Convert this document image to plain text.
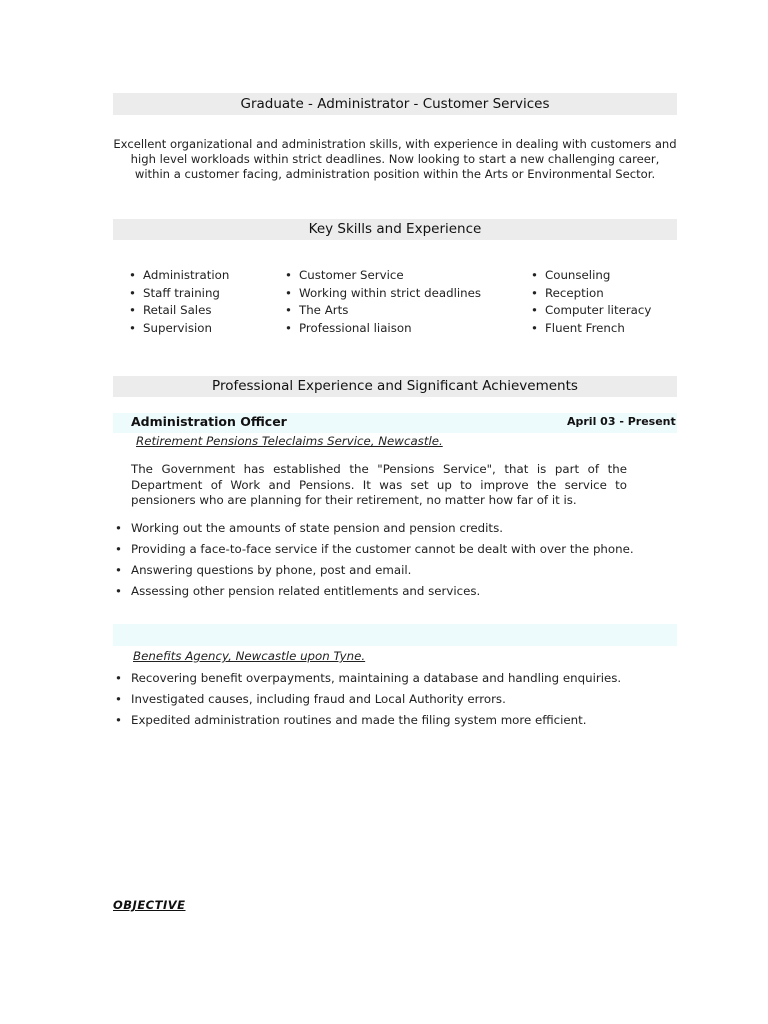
Graduate - Administrator - Customer Services
Excellent organizational and administration skills, with experience in dealing with customers and high level workloads within strict deadlines. Now looking to start a new challenging career, within a customer facing, administration position within the Arts or Environmental Sector.
Key Skills and Experience
• Administration
• Staff training
• Retail Sales
• Supervision
• Customer Service
• Working within strict deadlines
• The Arts
• Professional liaison
• Counseling
• Reception
• Computer literacy
• Fluent French
Professional Experience and Significant Achievements
Administration Officer	April 03 - Present
Retirement Pensions Teleclaims Service, Newcastle.
The Government has established the "Pensions Service", that is part of the Department of Work and Pensions. It was set up to improve the service to pensioners who are planning for their retirement, no matter how far of it is.
• Working out the amounts of state pension and pension credits.
• Providing a face-to-face service if the customer cannot be dealt with over the phone.
• Answering questions by phone, post and email.
• Assessing other pension related entitlements and services.
Benefits Agency, Newcastle upon Tyne.
• Recovering benefit overpayments, maintaining a database and handling enquiries.
• Investigated causes, including fraud and Local Authority errors.
• Expedited administration routines and made the filing system more efficient.
OBJECTIVE
